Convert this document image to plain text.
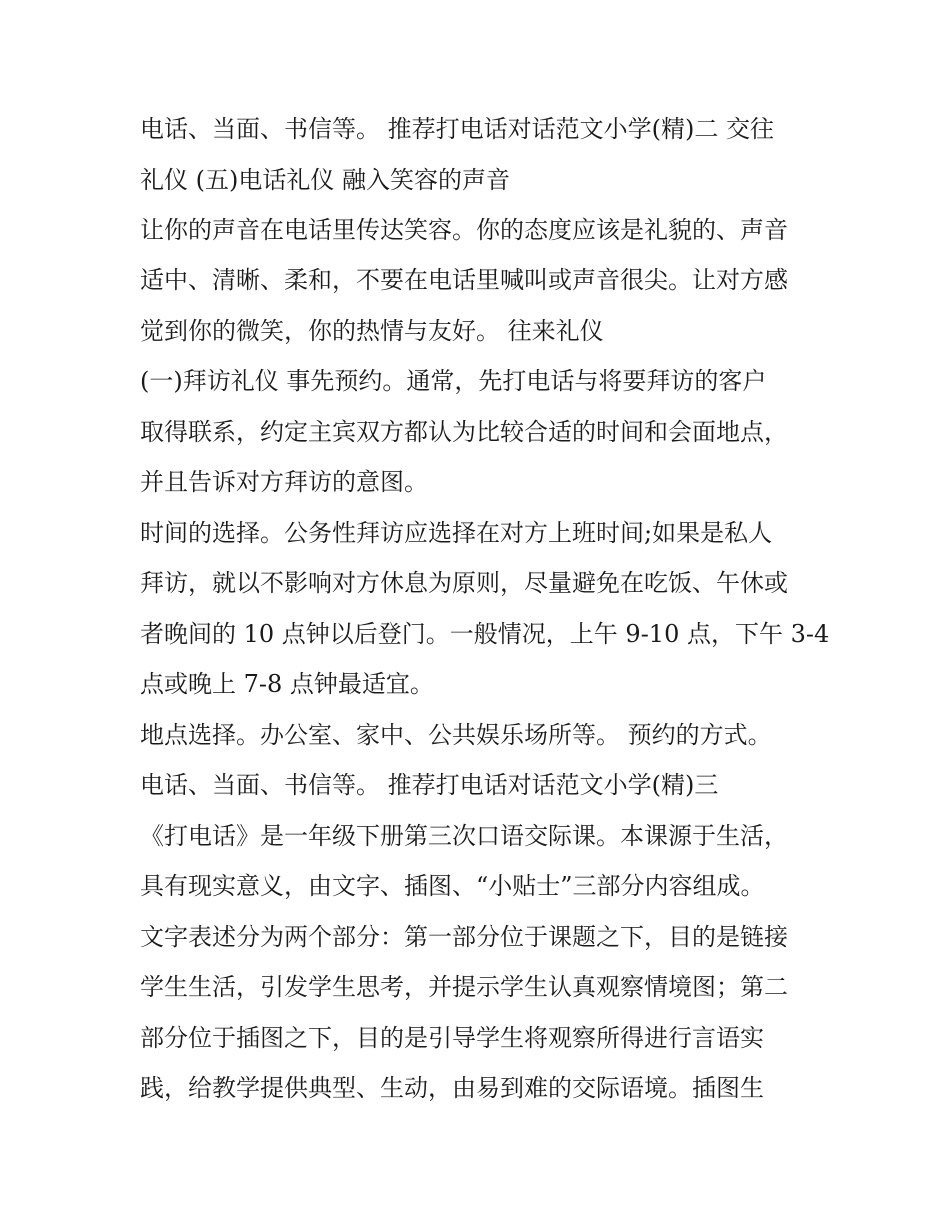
电话、当面、书信等。 推荐打电话对话范文小学(精)二 交往
礼仪 (五)电话礼仪 融入笑容的声音
让你的声音在电话里传达笑容。你的态度应该是礼貌的、声音
适中、清晰、柔和，不要在电话里喊叫或声音很尖。让对方感
觉到你的微笑，你的热情与友好。 往来礼仪
(一)拜访礼仪 事先预约。通常，先打电话与将要拜访的客户
取得联系，约定主宾双方都认为比较合适的时间和会面地点，
并且告诉对方拜访的意图。
时间的选择。公务性拜访应选择在对方上班时间;如果是私人
拜访，就以不影响对方休息为原则，尽量避免在吃饭、午休或
者晚间的 10 点钟以后登门。一般情况，上午 9-10 点，下午 3-4
点或晚上 7-8 点钟最适宜。
地点选择。办公室、家中、公共娱乐场所等。 预约的方式。
电话、当面、书信等。 推荐打电话对话范文小学(精)三
《打电话》是一年级下册第三次口语交际课。本课源于生活，
具有现实意义，由文字、插图、“小贴士”三部分内容组成。
文字表述分为两个部分：第一部分位于课题之下，目的是链接
学生生活，引发学生思考，并提示学生认真观察情境图；第二
部分位于插图之下，目的是引导学生将观察所得进行言语实
践，给教学提供典型、生动，由易到难的交际语境。插图生
